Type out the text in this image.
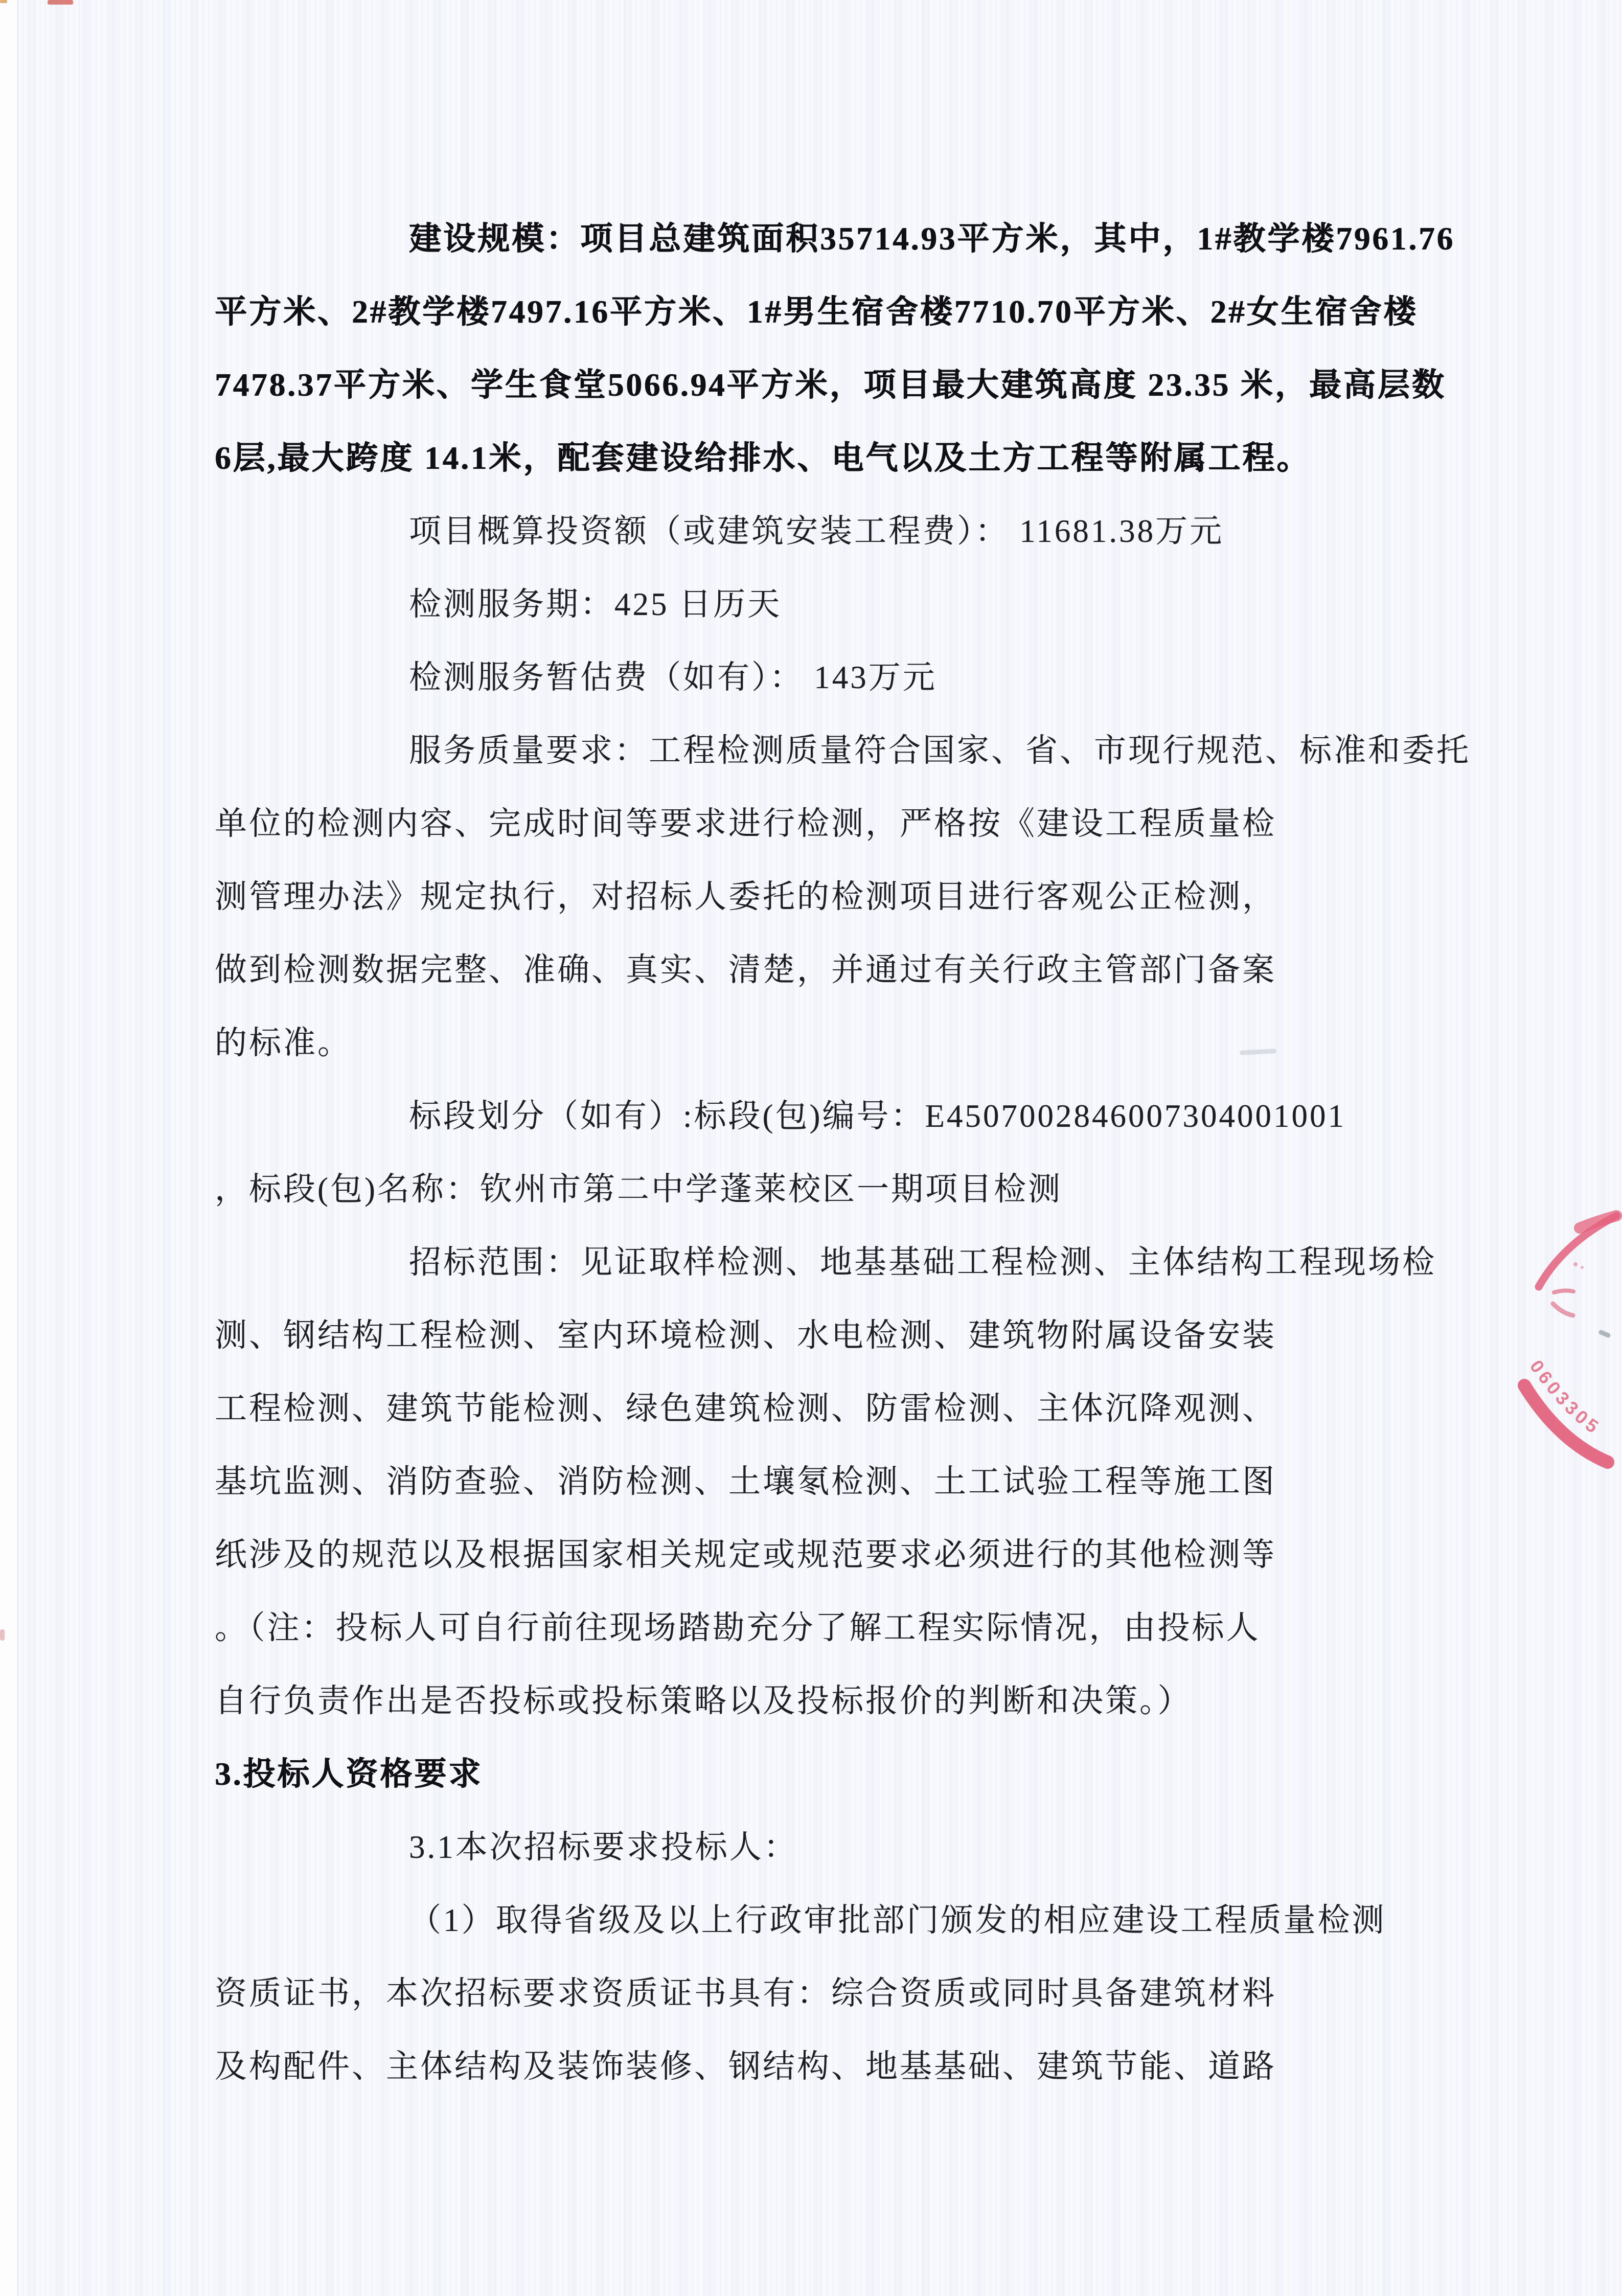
建设规模：项目总建筑面积35714.93平方米，其中，1#教学楼7961.76
平方米、2#教学楼7497.16平方米、1#男生宿舍楼7710.70平方米、2#女生宿舍楼
7478.37平方米、学生食堂5066.94平方米，项目最大建筑高度 23.35 米，最高层数
6层,最大跨度 14.1米，配套建设给排水、电气以及土方工程等附属工程。
项目概算投资额（或建筑安装工程费）： 11681.38万元
检测服务期：425 日历天
检测服务暂估费（如有）： 143万元
服务质量要求：工程检测质量符合国家、省、市现行规范、标准和委托
单位的检测内容、完成时间等要求进行检测，严格按《建设工程质量检
测管理办法》规定执行，对招标人委托的检测项目进行客观公正检测，
做到检测数据完整、准确、真实、清楚，并通过有关行政主管部门备案
的标准。
标段划分（如有）:标段(包)编号：E4507002846007304001001
，标段(包)名称：钦州市第二中学蓬莱校区一期项目检测
招标范围：见证取样检测、地基基础工程检测、主体结构工程现场检
测、钢结构工程检测、室内环境检测、水电检测、建筑物附属设备安装
工程检测、建筑节能检测、绿色建筑检测、防雷检测、主体沉降观测、
基坑监测、消防查验、消防检测、土壤氡检测、土工试验工程等施工图
纸涉及的规范以及根据国家相关规定或规范要求必须进行的其他检测等
。（注：投标人可自行前往现场踏勘充分了解工程实际情况，由投标人
自行负责作出是否投标或投标策略以及投标报价的判断和决策。）
3.投标人资格要求
3.1本次招标要求投标人：
（1）取得省级及以上行政审批部门颁发的相应建设工程质量检测
资质证书，本次招标要求资质证书具有：综合资质或同时具备建筑材料
及构配件、主体结构及装饰装修、钢结构、地基基础、建筑节能、道路
0603305
